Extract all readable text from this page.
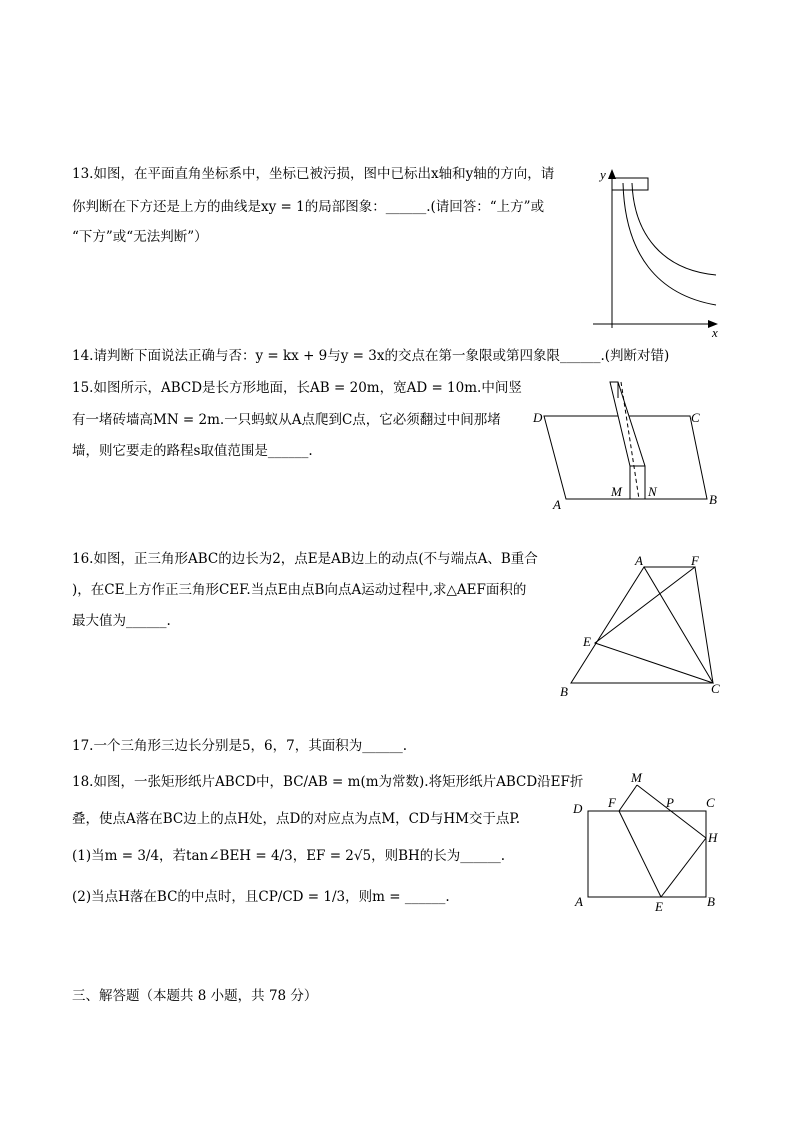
13.如图，在平面直角坐标系中，坐标已被污损，图中已标出x轴和y轴的方向，请
你判断在下方还是上方的曲线是xy = 1的局部图象：______.(请回答：“上方”或
“下方”或“无法判断”）
y
x
14.请判断下面说法正确与否：y = kx + 9与y = 3x的交点在第一象限或第四象限______.(判断对错)
15.如图所示，ABCD是长方形地面，长AB = 20m，宽AD = 10m.中间竖
有一堵砖墙高MN = 2m.一只蚂蚁从A点爬到C点，它必须翻过中间那堵
墙，则它要走的路程s取值范围是______.
D	C
A	B
M N
16.如图，正三角形ABC的边长为2，点E是AB边上的动点(不与端点A、B重合
)，在CE上方作正三角形CEF.当点E由点B向点A运动过程中,求△AEF面积的
最大值为______.
A	F
E
B	C
17.一个三角形三边长分别是5，6，7，其面积为______.
18.如图，一张矩形纸片ABCD中，BC/AB = m(m为常数).将矩形纸片ABCD沿EF折
叠，使点A落在BC边上的点H处，点D的对应点为点M，CD与HM交于点P.
(1)当m = 3/4，若tan∠BEH = 4/3，EF = 2√5，则BH的长为______.
(2)当点H落在BC的中点时，且CP/CD = 1/3，则m = ______.
M
F	P C
D
H
A	E	B
三、解答题（本题共 8 小题，共 78 分）
